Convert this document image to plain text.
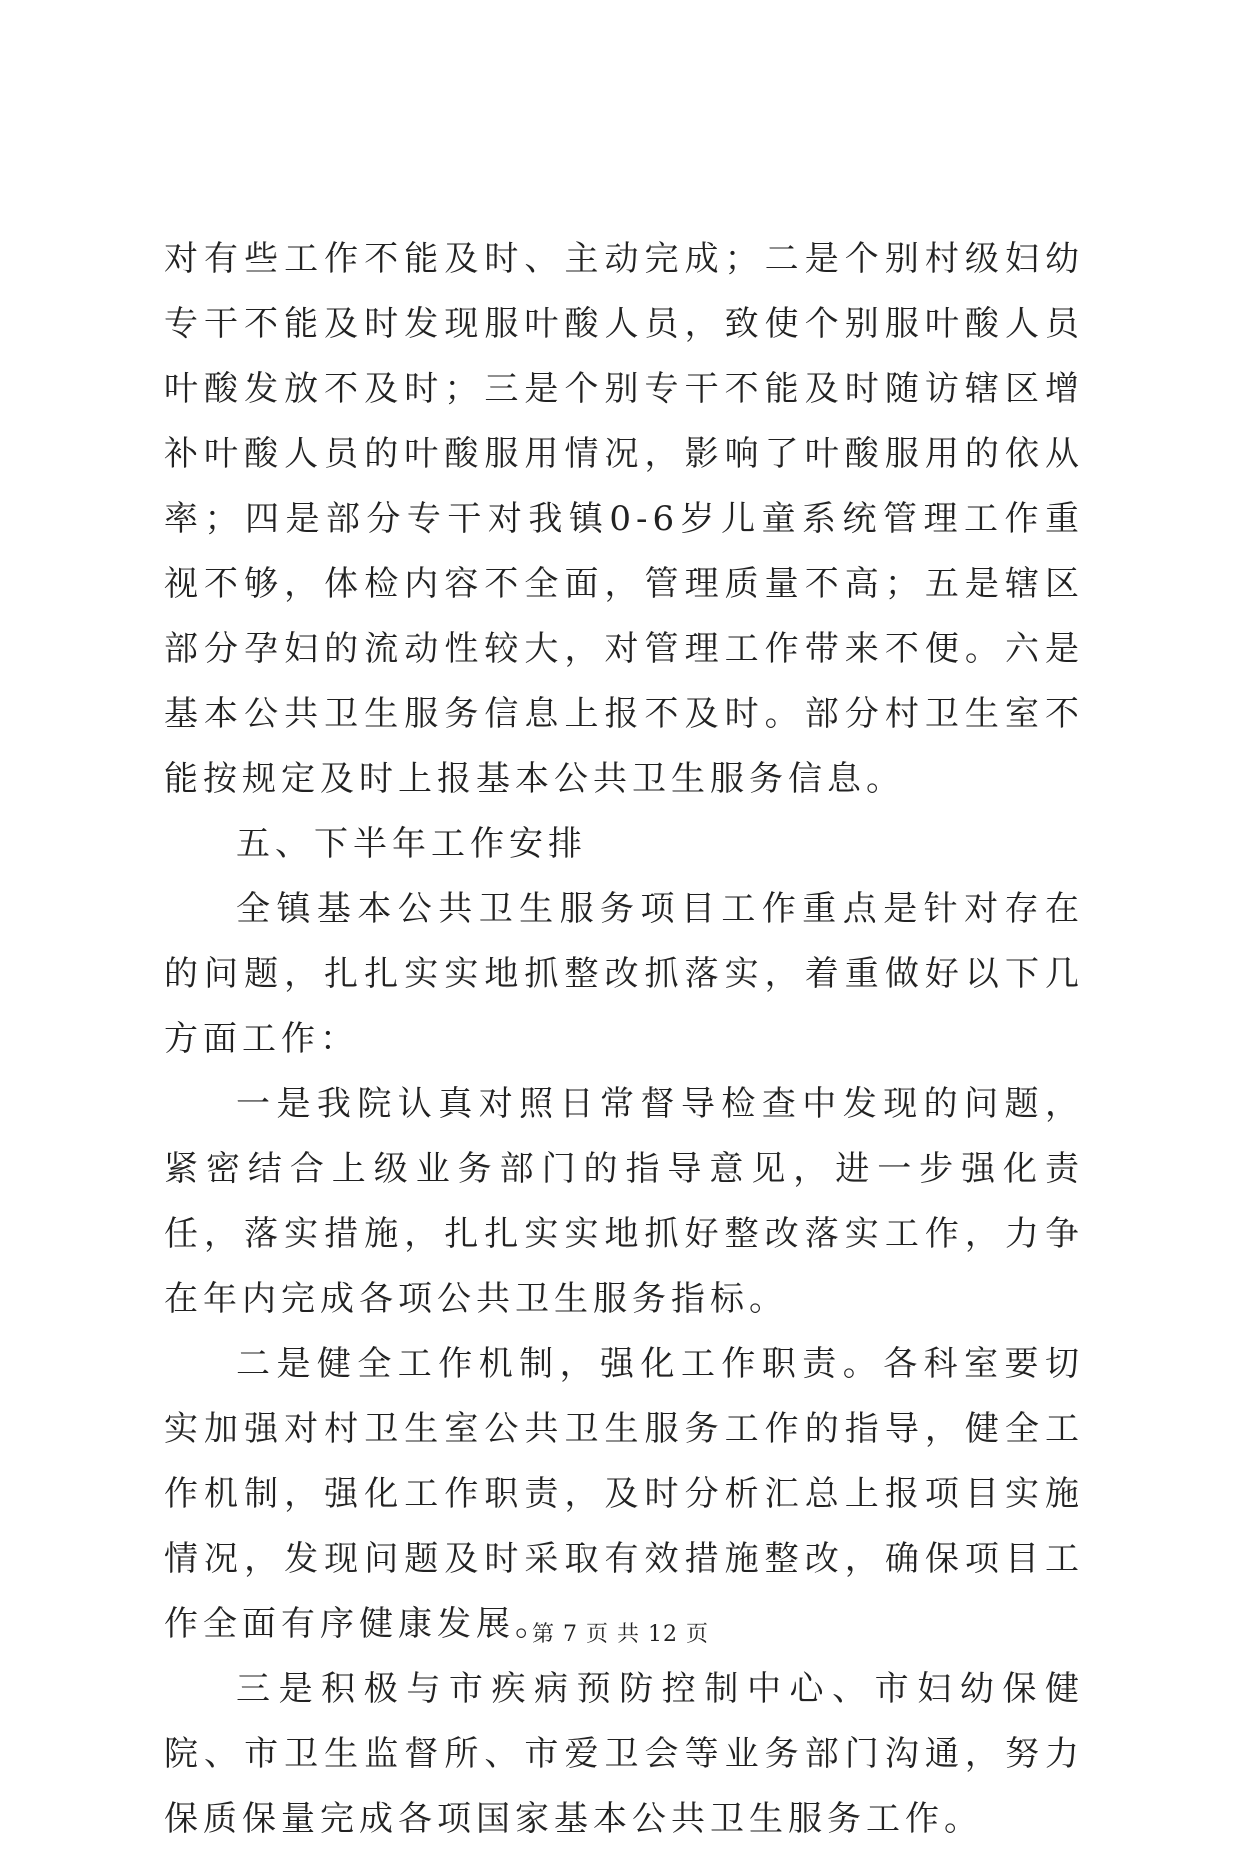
对有些工作不能及时、主动完成；二是个别村级妇幼专干不能及时发现服叶酸人员，致使个别服叶酸人员叶酸发放不及时；三是个别专干不能及时随访辖区增补叶酸人员的叶酸服用情况，影响了叶酸服用的依从率；四是部分专干对我镇0-6岁儿童系统管理工作重视不够，体检内容不全面，管理质量不高；五是辖区部分孕妇的流动性较大，对管理工作带来不便。六是基本公共卫生服务信息上报不及时。部分村卫生室不能按规定及时上报基本公共卫生服务信息。

五、下半年工作安排

全镇基本公共卫生服务项目工作重点是针对存在的问题，扎扎实实地抓整改抓落实，着重做好以下几方面工作：

一是我院认真对照日常督导检查中发现的问题，紧密结合上级业务部门的指导意见，进一步强化责任，落实措施，扎扎实实地抓好整改落实工作，力争在年内完成各项公共卫生服务指标。

二是健全工作机制，强化工作职责。各科室要切实加强对村卫生室公共卫生服务工作的指导，健全工作机制，强化工作职责，及时分析汇总上报项目实施情况，发现问题及时采取有效措施整改，确保项目工作全面有序健康发展。

三是积极与市疾病预防控制中心、市妇幼保健院、市卫生监督所、市爱卫会等业务部门沟通，努力保质保量完成各项国家基本公共卫生服务工作。

第 7 页 共 12 页
